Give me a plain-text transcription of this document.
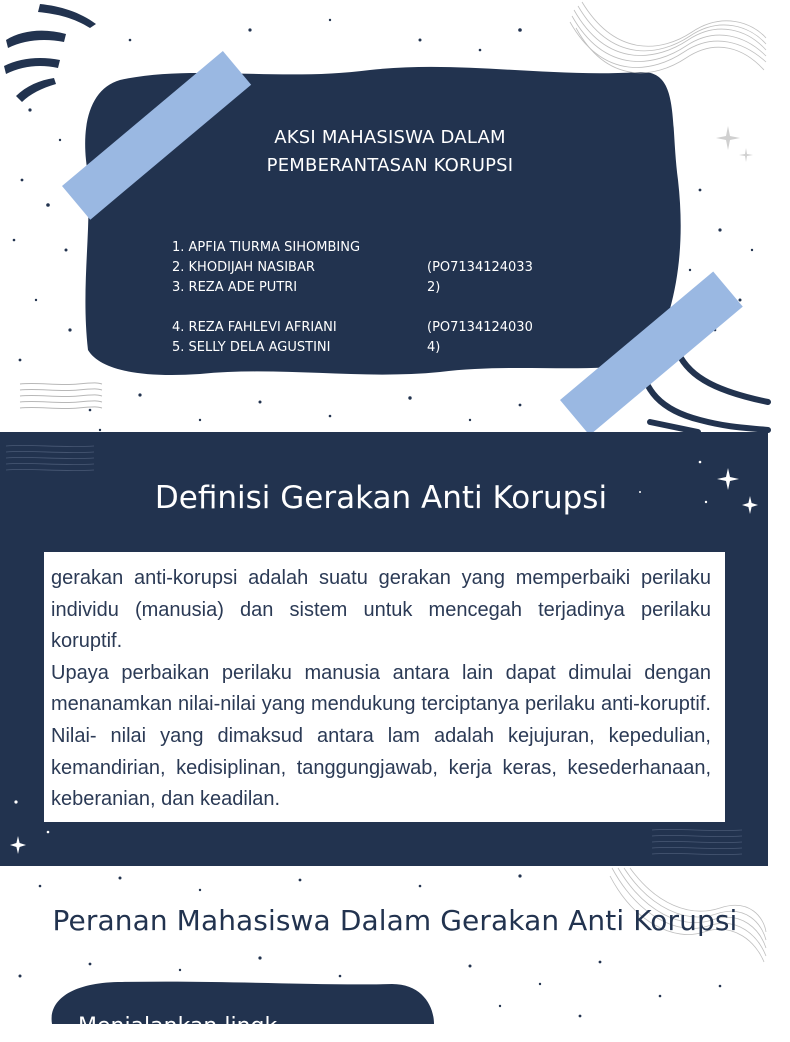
AKSI MAHASISWA DALAM
PEMBERANTASAN KORUPSI
1. APFIA TIURMA SIHOMBING
2. KHODIJAH NASIBAR
3. REZA ADE PUTRI

4. REZA FAHLEVI AFRIANI
5. SELLY DELA AGUSTINI
(PO7134124033
2)

(PO7134124030
4)
Definisi Gerakan Anti Korupsi

gerakan anti-korupsi adalah suatu gerakan yang memperbaiki perilaku individu (manusia) dan sistem untuk mencegah terjadinya perilaku koruptif.

Upaya perbaikan perilaku manusia antara lain dapat dimulai dengan menanamkan nilai-nilai yang mendukung terciptanya perilaku anti-koruptif. Nilai- nilai yang dimaksud antara lam adalah kejujuran, kepedulian, kemandirian, kedisiplinan, tanggungjawab, kerja keras, kesederhanaan, keberanian, dan keadilan.

Peranan Mahasiswa Dalam Gerakan Anti Korupsi
Menjalankan lingk
